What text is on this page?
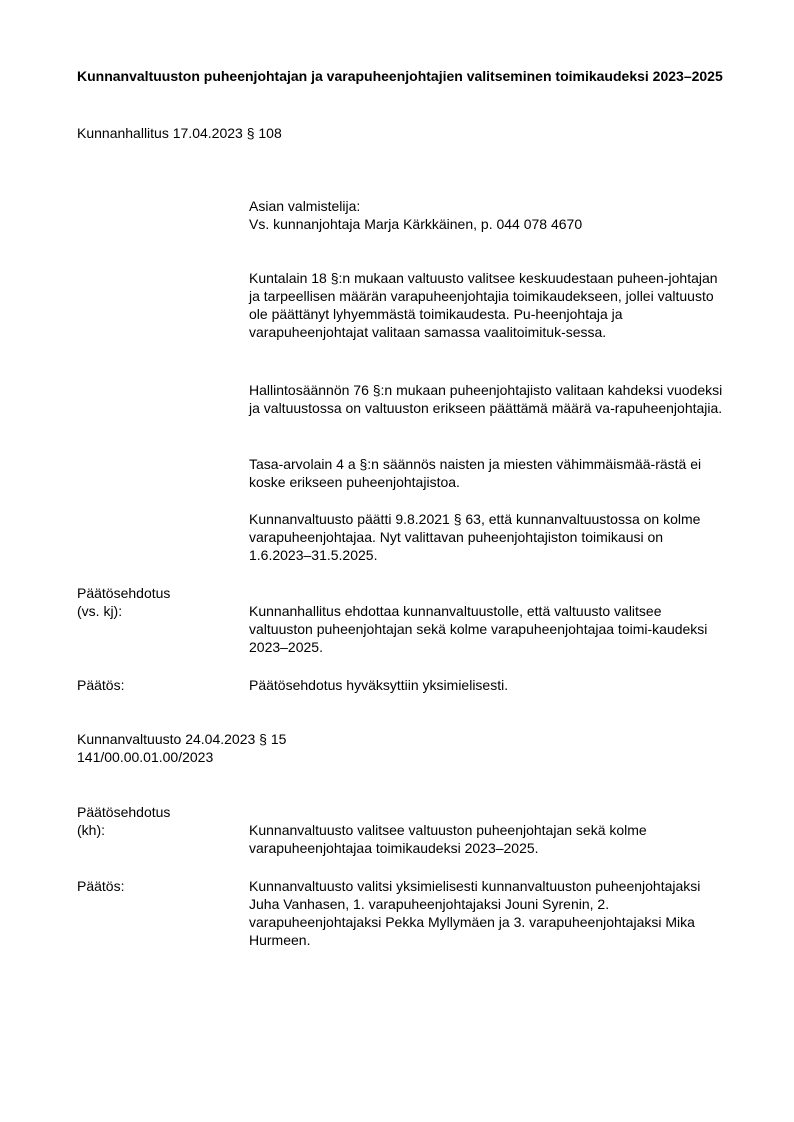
Kunnanvaltuuston puheenjohtajan ja varapuheenjohtajien valitseminen toimikaudeksi 2023–2025
Kunnanhallitus 17.04.2023 § 108

Asian valmistelija:

Vs. kunnanjohtaja Marja Kärkkäinen, p. 044 078 4670

Kuntalain 18 §:n mukaan valtuusto valitsee keskuudestaan puheen-johtajan ja tarpeellisen määrän varapuheenjohtajia toimikaudekseen, jollei valtuusto ole päättänyt lyhyemmästä toimikaudesta. Pu-heenjohtaja ja varapuheenjohtajat valitaan samassa vaalitoimituk-sessa.

Hallintosäännön 76 §:n mukaan puheenjohtajisto valitaan kahdeksi vuodeksi ja valtuustossa on valtuuston erikseen päättämä määrä va-rapuheenjohtajia.

Tasa-arvolain 4 a §:n säännös naisten ja miesten vähimmäismää-rästä ei koske erikseen puheenjohtajistoa.

Kunnanvaltuusto päätti 9.8.2021 § 63, että kunnanvaltuustossa on kolme varapuheenjohtajaa. Nyt valittavan puheenjohtajiston toimikausi on 1.6.2023–31.5.2025.

Päätösehdotus
(vs. kj):	Kunnanhallitus ehdottaa kunnanvaltuustolle, että valtuusto valitsee valtuuston puheenjohtajan sekä kolme varapuheenjohtajaa toimi-kaudeksi 2023–2025.

Päätös:	Päätösehdotus hyväksyttiin yksimielisesti.

Kunnanvaltuusto 24.04.2023 § 15
141/00.00.01.00/2023
Päätösehdotus
(kh):	Kunnanvaltuusto valitsee valtuuston puheenjohtajan sekä kolme varapuheenjohtajaa toimikaudeksi 2023–2025.

Päätös:	Kunnanvaltuusto valitsi yksimielisesti kunnanvaltuuston puheenjohtajaksi Juha Vanhasen, 1. varapuheenjohtajaksi Jouni Syrenin, 2. varapuheenjohtajaksi Pekka Myllymäen ja 3. varapuheenjohtajaksi Mika Hurmeen.
